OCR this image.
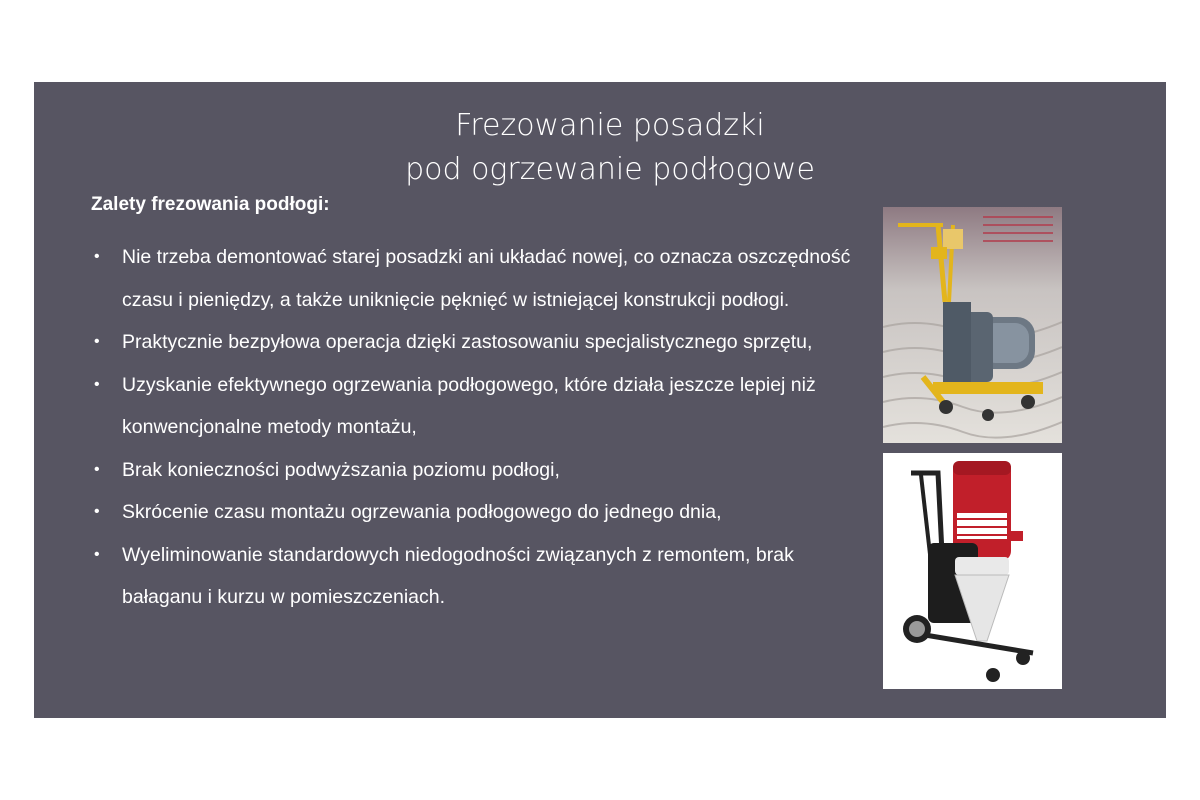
Frezowanie posadzki
pod ogrzewanie podłogowe
Zalety frezowania podłogi:
• Nie trzeba demontować starej posadzki ani układać nowej, co oznacza oszczędność czasu i pieniędzy, a także uniknięcie pęknięć w istniejącej konstrukcji podłogi.
• Praktycznie bezpyłowa operacja dzięki zastosowaniu specjalistycznego sprzętu,
• Uzyskanie efektywnego ogrzewania podłogowego, które działa jeszcze lepiej niż konwencjonalne metody montażu,
• Brak konieczności podwyższania poziomu podłogi,
• Skrócenie czasu montażu ogrzewania podłogowego do jednego dnia,
• Wyeliminowanie standardowych niedogodności związanych z remontem, brak bałaganu i kurzu w pomieszczeniach.
